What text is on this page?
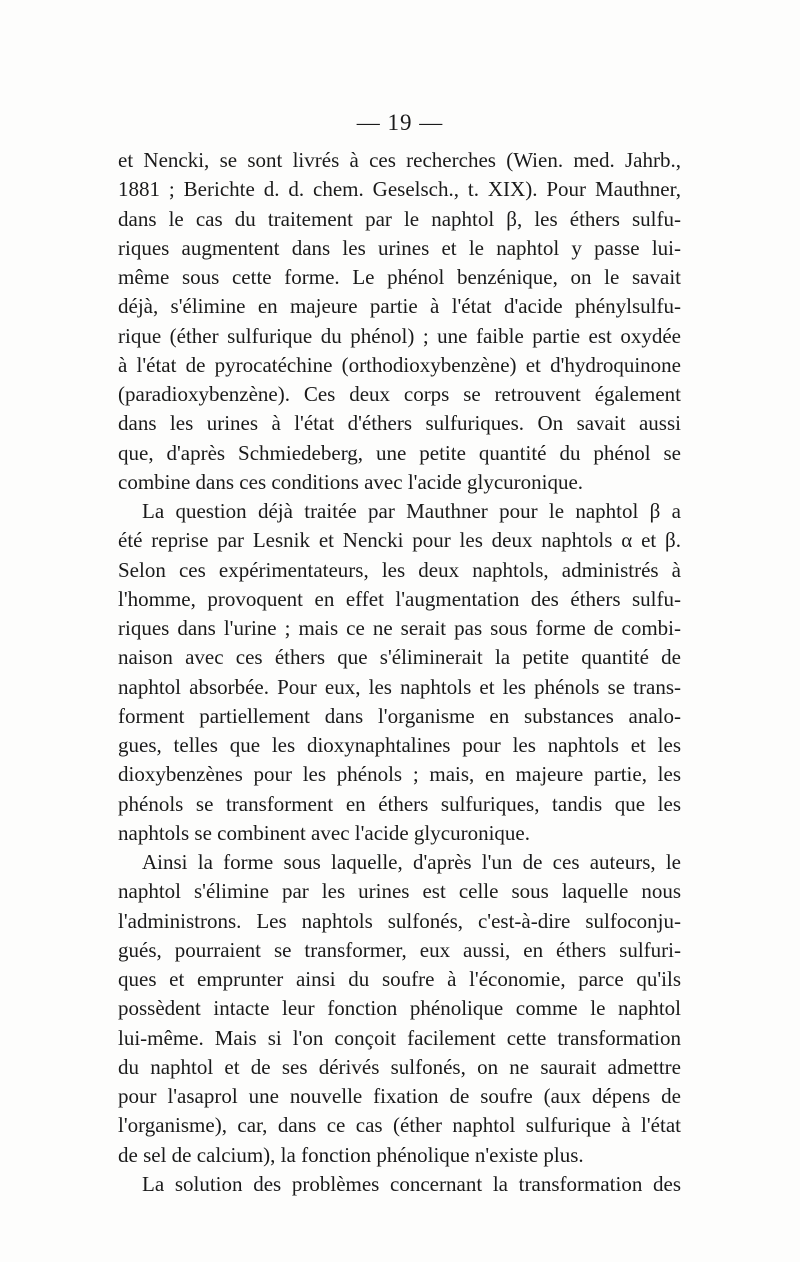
— 19 —
et Nencki, se sont livrés à ces recherches (Wien. med. Jahrb.,
1881 ; Berichte d. d. chem. Geselsch., t. XIX). Pour Mauthner,
dans le cas du traitement par le naphtol β, les éthers sulfu-
riques augmentent dans les urines et le naphtol y passe lui-
même sous cette forme. Le phénol benzénique, on le savait
déjà, s'élimine en majeure partie à l'état d'acide phénylsulfu-
rique (éther sulfurique du phénol) ; une faible partie est oxydée
à l'état de pyrocatéchine (orthodioxybenzène) et d'hydroquinone
(paradioxybenzène). Ces deux corps se retrouvent également
dans les urines à l'état d'éthers sulfuriques. On savait aussi
que, d'après Schmiedeberg, une petite quantité du phénol se
combine dans ces conditions avec l'acide glycuronique.
La question déjà traitée par Mauthner pour le naphtol β a
été reprise par Lesnik et Nencki pour les deux naphtols α et β.
Selon ces expérimentateurs, les deux naphtols, administrés à
l'homme, provoquent en effet l'augmentation des éthers sulfu-
riques dans l'urine ; mais ce ne serait pas sous forme de combi-
naison avec ces éthers que s'éliminerait la petite quantité de
naphtol absorbée. Pour eux, les naphtols et les phénols se trans-
forment partiellement dans l'organisme en substances analo-
gues, telles que les dioxynaphtalines pour les naphtols et les
dioxybenzènes pour les phénols ; mais, en majeure partie, les
phénols se transforment en éthers sulfuriques, tandis que les
naphtols se combinent avec l'acide glycuronique.
Ainsi la forme sous laquelle, d'après l'un de ces auteurs, le
naphtol s'élimine par les urines est celle sous laquelle nous
l'administrons. Les naphtols sulfonés, c'est-à-dire sulfoconju-
gués, pourraient se transformer, eux aussi, en éthers sulfuri-
ques et emprunter ainsi du soufre à l'économie, parce qu'ils
possèdent intacte leur fonction phénolique comme le naphtol
lui-même. Mais si l'on conçoit facilement cette transformation
du naphtol et de ses dérivés sulfonés, on ne saurait admettre
pour l'asaprol une nouvelle fixation de soufre (aux dépens de
l'organisme), car, dans ce cas (éther naphtol sulfurique à l'état
de sel de calcium), la fonction phénolique n'existe plus.
La solution des problèmes concernant la transformation des
